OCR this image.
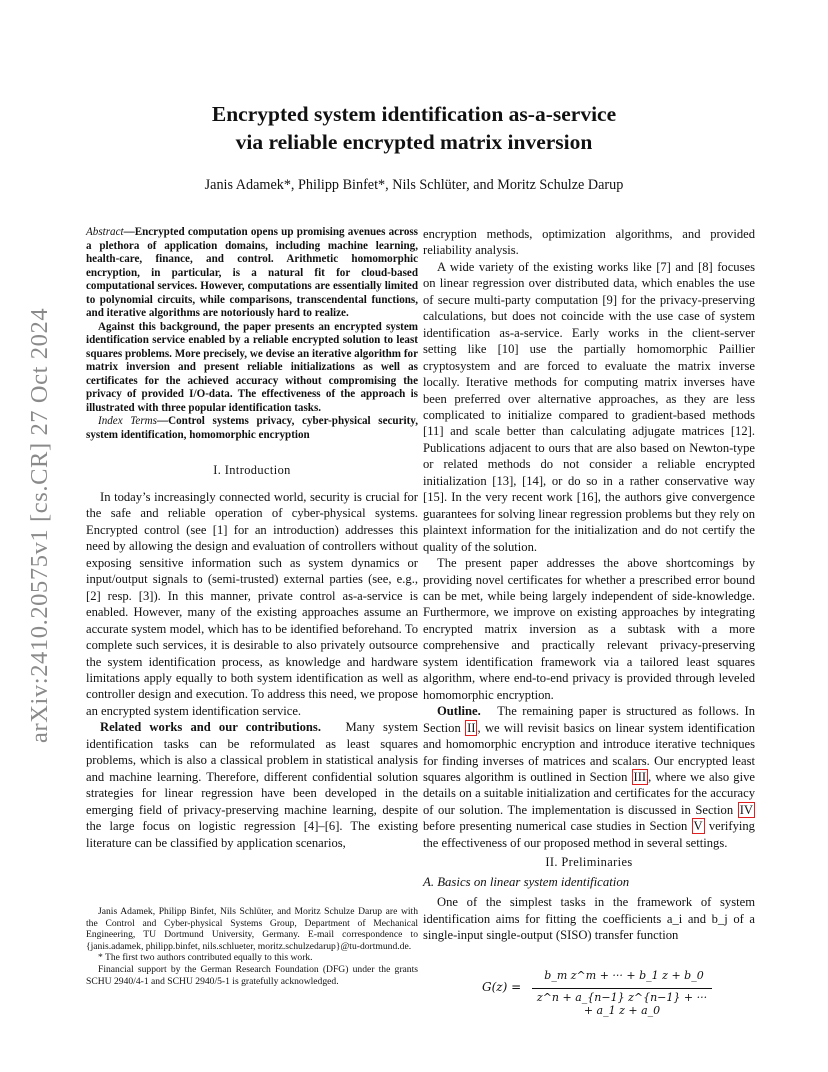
arXiv:2410.20575v1 [cs.CR] 27 Oct 2024
Encrypted system identification as-a-service
via reliable encrypted matrix inversion
Janis Adamek*, Philipp Binfet*, Nils Schlüter, and Moritz Schulze Darup

Abstract—Encrypted computation opens up promising avenues across a plethora of application domains, including machine learning, health-care, finance, and control. Arithmetic homomorphic encryption, in particular, is a natural fit for cloud-based computational services. However, computations are essentially limited to polynomial circuits, while comparisons, transcendental functions, and iterative algorithms are notoriously hard to realize.

Against this background, the paper presents an encrypted system identification service enabled by a reliable encrypted solution to least squares problems. More precisely, we devise an iterative algorithm for matrix inversion and present reliable initializations as well as certificates for the achieved accuracy without compromising the privacy of provided I/O-data. The effectiveness of the approach is illustrated with three popular identification tasks.

Index Terms—Control systems privacy, cyber-physical security, system identification, homomorphic encryption

I. Introduction

In today’s increasingly connected world, security is crucial for the safe and reliable operation of cyber-physical systems. Encrypted control (see [1] for an introduction) addresses this need by allowing the design and evaluation of controllers without exposing sensitive information such as system dynamics or input/output signals to (semi-trusted) external parties (see, e.g., [2] resp. [3]). In this manner, private control as-a-service is enabled. However, many of the existing approaches assume an accurate system model, which has to be identified beforehand. To complete such services, it is desirable to also privately outsource the system identification process, as knowledge and hardware limitations apply equally to both system identification as well as controller design and execution. To address this need, we propose an encrypted system identification service.

Related works and our contributions. Many system identification tasks can be reformulated as least squares problems, which is also a classical problem in statistical analysis and machine learning. Therefore, different confidential solution strategies for linear regression have been developed in the emerging field of privacy-preserving machine learning, despite the large focus on logistic regression [4]–[6]. The existing literature can be classified by application scenarios,

Janis Adamek, Philipp Binfet, Nils Schlüter, and Moritz Schulze Darup are with the Control and Cyber-physical Systems Group, Department of Mechanical Engineering, TU Dortmund University, Germany. E-mail correspondence to {janis.adamek, philipp.binfet, nils.schlueter, moritz.schulzedarup}@tu-dortmund.de.

* The first two authors contributed equally to this work.

Financial support by the German Research Foundation (DFG) under the grants SCHU 2940/4-1 and SCHU 2940/5-1 is gratefully acknowledged.

encryption methods, optimization algorithms, and provided reliability analysis.

A wide variety of the existing works like [7] and [8] focuses on linear regression over distributed data, which enables the use of secure multi-party computation [9] for the privacy-preserving calculations, but does not coincide with the use case of system identification as-a-service. Early works in the client-server setting like [10] use the partially homomorphic Paillier cryptosystem and are forced to evaluate the matrix inverse locally. Iterative methods for computing matrix inverses have been preferred over alternative approaches, as they are less complicated to initialize compared to gradient-based methods [11] and scale better than calculating adjugate matrices [12]. Publications adjacent to ours that are also based on Newton-type or related methods do not consider a reliable encrypted initialization [13], [14], or do so in a rather conservative way [15]. In the very recent work [16], the authors give convergence guarantees for solving linear regression problems but they rely on plaintext information for the initialization and do not certify the quality of the solution.

The present paper addresses the above shortcomings by providing novel certificates for whether a prescribed error bound can be met, while being largely independent of side-knowledge. Furthermore, we improve on existing approaches by integrating encrypted matrix inversion as a subtask with a more comprehensive and practically relevant privacy-preserving system identification framework via a tailored least squares algorithm, where end-to-end privacy is provided through leveled homomorphic encryption.

Outline. The remaining paper is structured as follows. In Section II , we will revisit basics on linear system identification and homomorphic encryption and introduce iterative techniques for finding inverses of matrices and scalars. Our encrypted least squares algorithm is outlined in Section III , where we also give details on a suitable initialization and certificates for the accuracy of our solution. The implementation is discussed in Section IV before presenting numerical case studies in Section V verifying the effectiveness of our proposed method in several settings.

II. Preliminaries
A. Basics on linear system identification

One of the simplest tasks in the framework of system identification aims for fitting the coefficients a_i and b_j of a single-input single-output (SISO) transfer function

G(z) =
b_m z^m + ··· + b_1 z + b_0
z^n + a_{n−1} z^{n−1} + ··· + a_1 z + a_0
